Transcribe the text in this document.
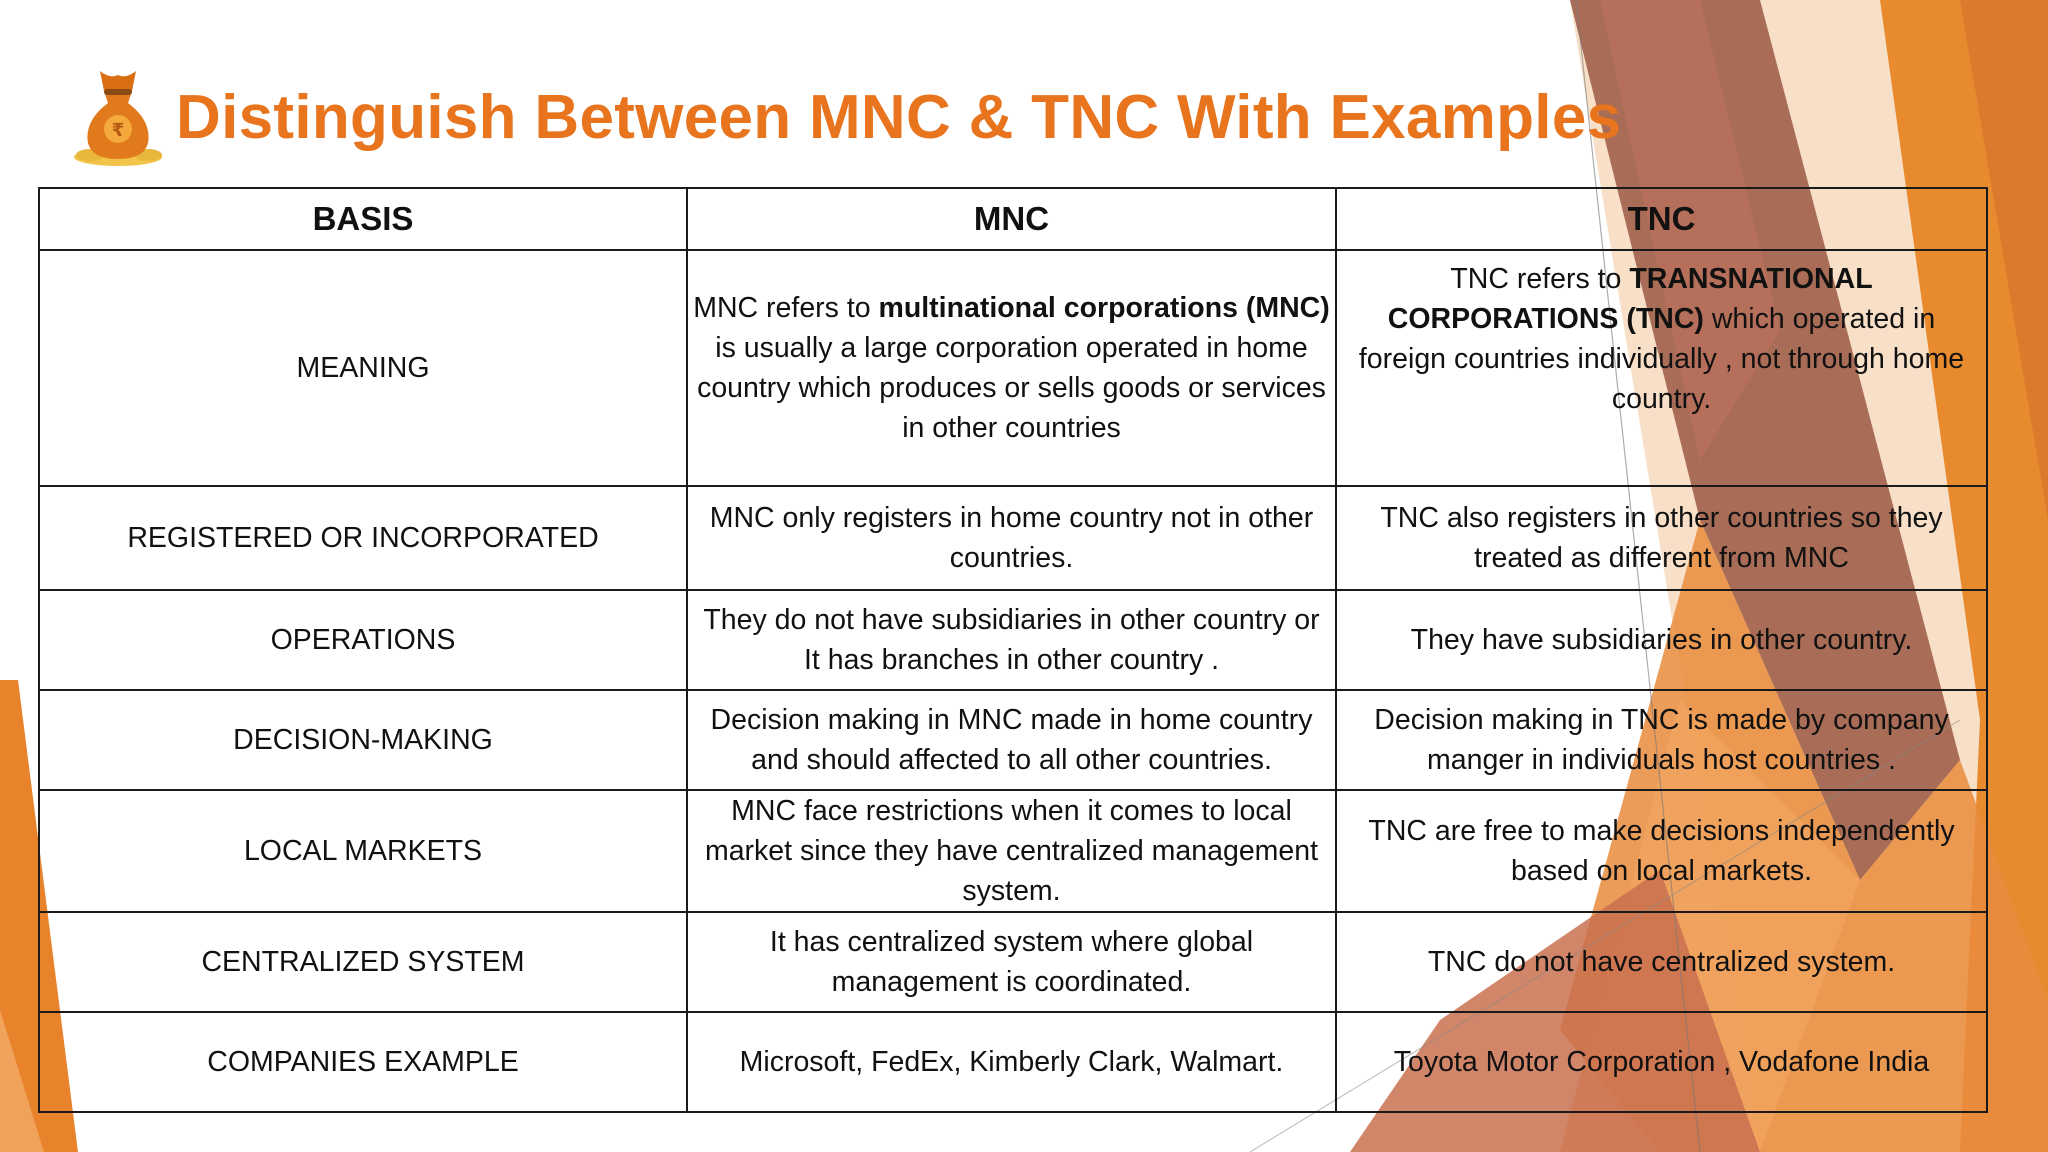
₹ Distinguish Between MNC & TNC With Examples
BASIS	MNC	TNC
MEANING	MNC refers to multinational corporations (MNC) is usually a large corporation operated in home country which produces or sells goods or services in other countries	TNC refers to TRANSNATIONAL CORPORATIONS (TNC) which operated in foreign countries individually , not through home country.
REGISTERED OR INCORPORATED	MNC only registers in home country not in other countries.	TNC also registers in other countries so they treated as different from MNC
OPERATIONS	They do not have subsidiaries in other country or It has branches in other country .	They have subsidiaries in other country.
DECISION-MAKING	Decision making in MNC made in home country and should affected to all other countries.	Decision making in TNC is made by company manger in individuals host countries .
LOCAL MARKETS	MNC face restrictions when it comes to local market since they have centralized management system.	TNC are free to make decisions independently based on local markets.
CENTRALIZED SYSTEM	It has centralized system where global management is coordinated.	TNC do not have centralized system.
COMPANIES EXAMPLE	Microsoft, FedEx, Kimberly Clark, Walmart.	Toyota Motor Corporation , Vodafone India
